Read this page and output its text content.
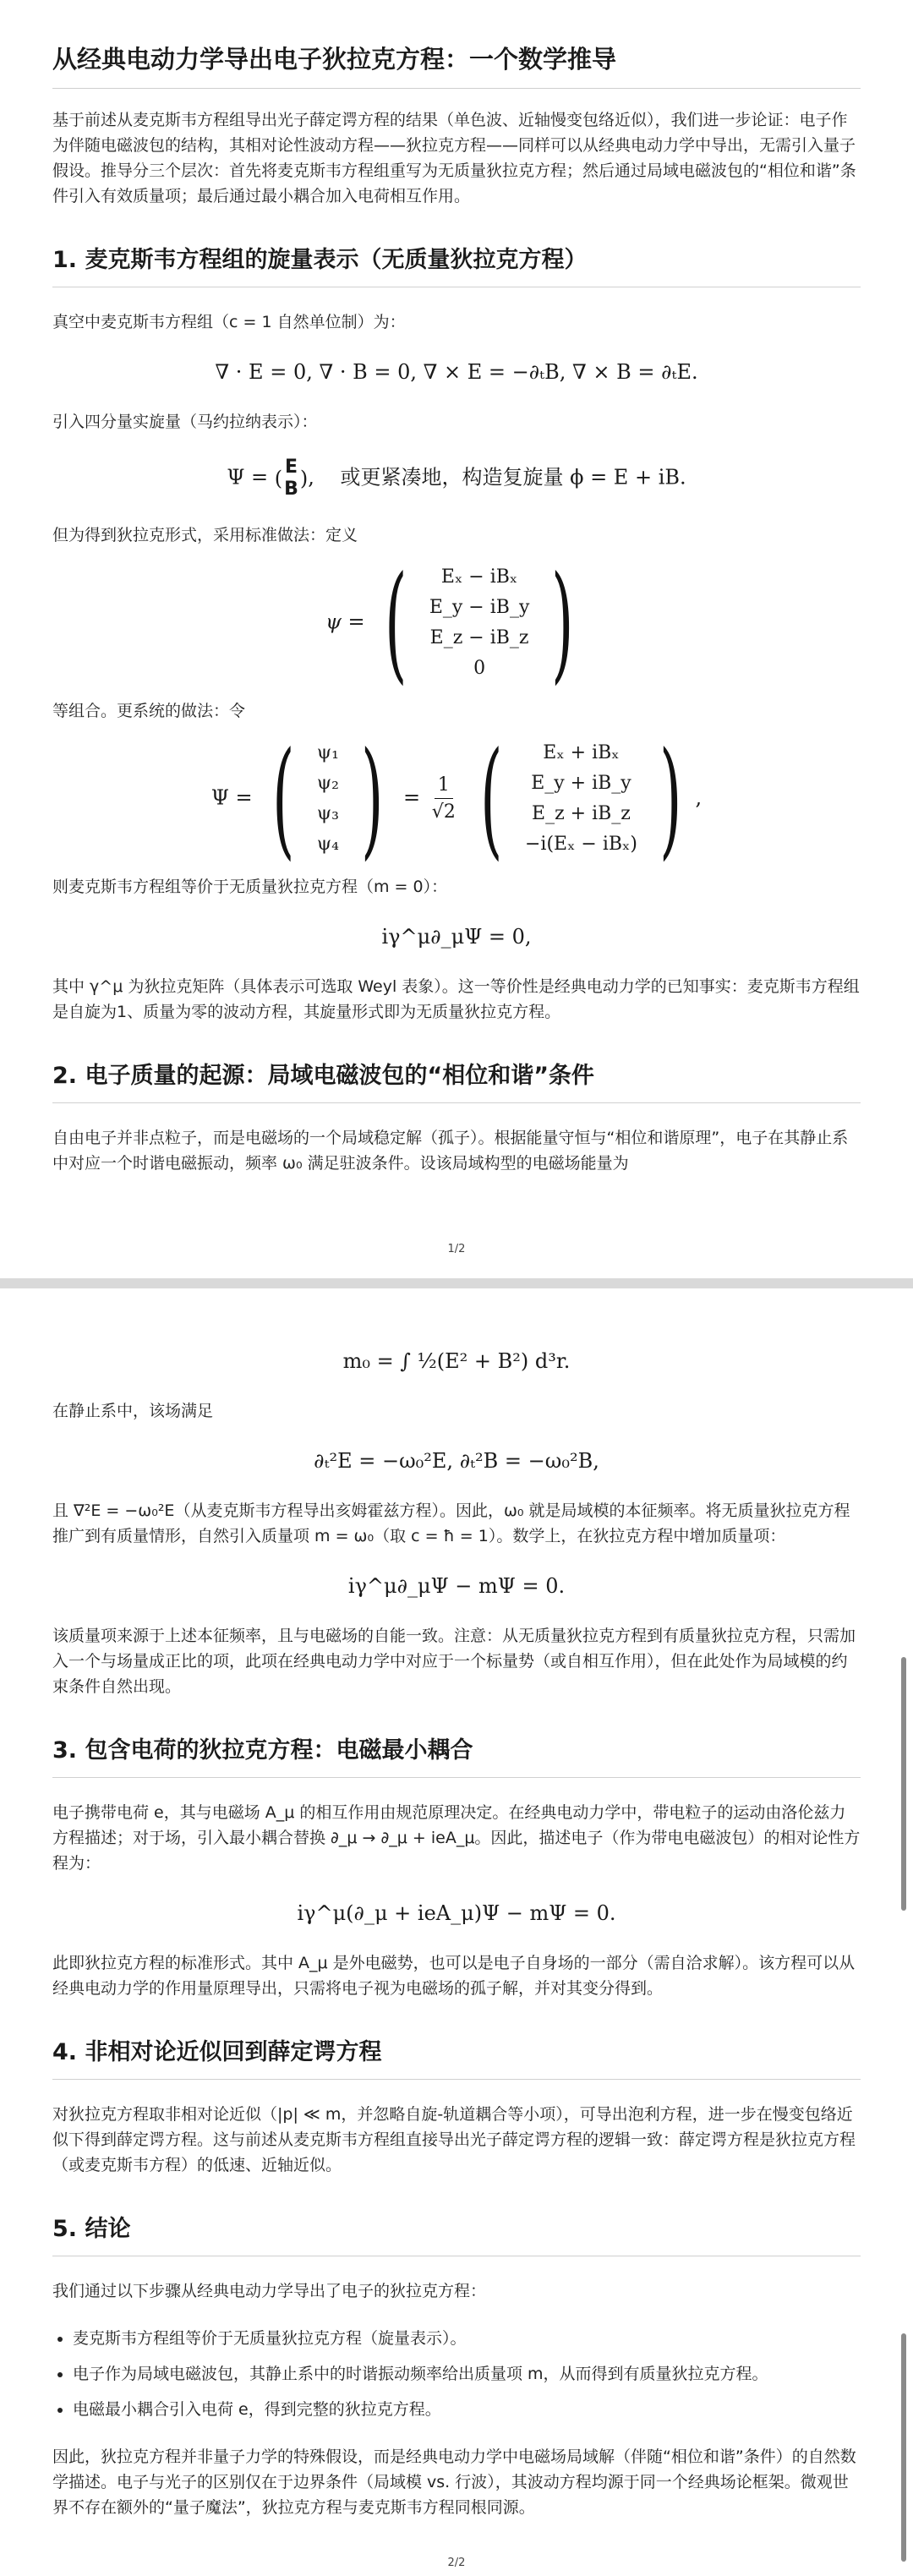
从经典电动力学导出电子狄拉克方程：一个数学推导

基于前述从麦克斯韦方程组导出光子薛定谔方程的结果（单色波、近轴慢变包络近似），我们进一步论证：电子作为伴随电磁波包的结构，其相对论性波动方程——狄拉克方程——同样可以从经典电动力学中导出，无需引入量子假设。推导分三个层次：首先将麦克斯韦方程组重写为无质量狄拉克方程；然后通过局域电磁波包的“相位和谐”条件引入有效质量项；最后通过最小耦合加入电荷相互作用。

1. 麦克斯韦方程组的旋量表示（无质量狄拉克方程）

真空中麦克斯韦方程组（c = 1 自然单位制）为：

∇ · E = 0, ∇ · B = 0, ∇ × E = −∂ₜB, ∇ × B = ∂ₜE.

引入四分量实旋量（马约拉纳表示）：

Ψ = ( E
B ),    或更紧凑地，构造复旋量 ϕ = E + iB.

但为得到狄拉克形式，采用标准做法：定义

ψ = ( Eₓ − iBₓ
E_y − iB_y
E_z − iB_z
0 )

等组合。更系统的做法：令

Ψ = ( ψ₁
ψ₂
ψ₃
ψ₄ ) = $\frac{1}{√2}$
( Eₓ + iBₓ
E_y + iB_y
E_z + iB_z
−i(Eₓ − iBₓ) ) ,

则麦克斯韦方程组等价于无质量狄拉克方程（m = 0）：

iγ^μ∂_μΨ = 0,

其中 γ^μ 为狄拉克矩阵（具体表示可选取 Weyl 表象）。这一等价性是经典电动力学的已知事实：麦克斯韦方程组是自旋为1、质量为零的波动方程，其旋量形式即为无质量狄拉克方程。

2. 电子质量的起源：局域电磁波包的“相位和谐”条件

自由电子并非点粒子，而是电磁场的一个局域稳定解（孤子）。根据能量守恒与“相位和谐原理”，电子在其静止系中对应一个时谐电磁振动，频率 ω₀ 满足驻波条件。设该局域构型的电磁场能量为

1/2
m₀ = ∫ ½(E² + B²) d³r.

在静止系中，该场满足

∂ₜ²E = −ω₀²E, ∂ₜ²B = −ω₀²B,

且 ∇²E = −ω₀²E（从麦克斯韦方程导出亥姆霍兹方程）。因此，ω₀ 就是局域模的本征频率。将无质量狄拉克方程推广到有质量情形，自然引入质量项 m = ω₀（取 c = ħ = 1）。数学上，在狄拉克方程中增加质量项：

iγ^μ∂_μΨ − mΨ = 0.

该质量项来源于上述本征频率，且与电磁场的自能一致。注意：从无质量狄拉克方程到有质量狄拉克方程，只需加入一个与场量成正比的项，此项在经典电动力学中对应于一个标量势（或自相互作用），但在此处作为局域模的约束条件自然出现。

3. 包含电荷的狄拉克方程：电磁最小耦合

电子携带电荷 e，其与电磁场 A_μ 的相互作用由规范原理决定。在经典电动力学中，带电粒子的运动由洛伦兹力方程描述；对于场，引入最小耦合替换 ∂_μ → ∂_μ + ieA_μ。因此，描述电子（作为带电电磁波包）的相对论性方程为：

iγ^μ(∂_μ + ieA_μ)Ψ − mΨ = 0.

此即狄拉克方程的标准形式。其中 A_μ 是外电磁势，也可以是电子自身场的一部分（需自洽求解）。该方程可以从经典电动力学的作用量原理导出，只需将电子视为电磁场的孤子解，并对其变分得到。

4. 非相对论近似回到薛定谔方程

对狄拉克方程取非相对论近似（|p| ≪ m，并忽略自旋-轨道耦合等小项），可导出泡利方程，进一步在慢变包络近似下得到薛定谔方程。这与前述从麦克斯韦方程组直接导出光子薛定谔方程的逻辑一致：薛定谔方程是狄拉克方程（或麦克斯韦方程）的低速、近轴近似。

5. 结论

我们通过以下步骤从经典电动力学导出了电子的狄拉克方程：

• 麦克斯韦方程组等价于无质量狄拉克方程（旋量表示）。
• 电子作为局域电磁波包，其静止系中的时谐振动频率给出质量项 m，从而得到有质量狄拉克方程。
• 电磁最小耦合引入电荷 e，得到完整的狄拉克方程。

因此，狄拉克方程并非量子力学的特殊假设，而是经典电动力学中电磁场局域解（伴随“相位和谐”条件）的自然数学描述。电子与光子的区别仅在于边界条件（局域模 vs. 行波），其波动方程均源于同一个经典场论框架。微观世界不存在额外的“量子魔法”，狄拉克方程与麦克斯韦方程同根同源。

2/2
